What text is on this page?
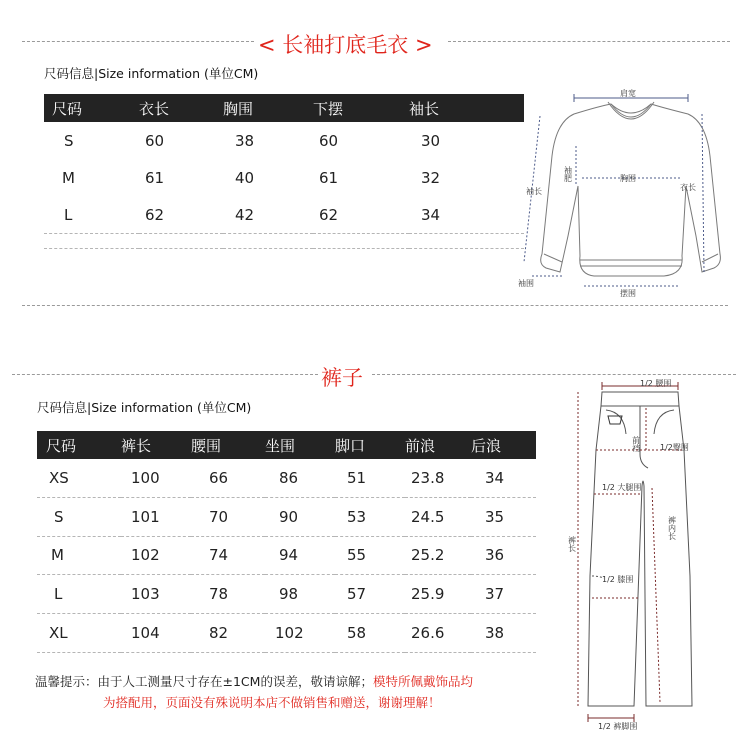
< 长袖打底毛衣 >
尺码信息|Size information (单位CM)
尺码	衣长	胸围	下摆	袖长
S	60	38	60	30
M	61	40	61	32
L	62	42	62	34

肩宽
袖肥	胸围
袖长	衣长
袖围
摆围
裤子
尺码信息|Size information (单位CM)
尺码	裤长	腰围	坐围	脚口	前浪	后浪
XS	100	66	86	51	23.8	34
S	101	70	90	53	24.5	35
M	102	74	94	55	25.2	36
L	103	78	98	57	25.9	37
XL	104	82	102	58	26.6	38
1/2 腰围
前裆 1/2臀围
1/2 大腿围
裤内长
裤长
1/2 膝围
1/2 裤脚围
温馨提示：由于人工测量尺寸存在±1CM的误差，敬请谅解；模特所佩戴饰品均
为搭配用，页面没有殊说明本店不做销售和赠送，谢谢理解！
